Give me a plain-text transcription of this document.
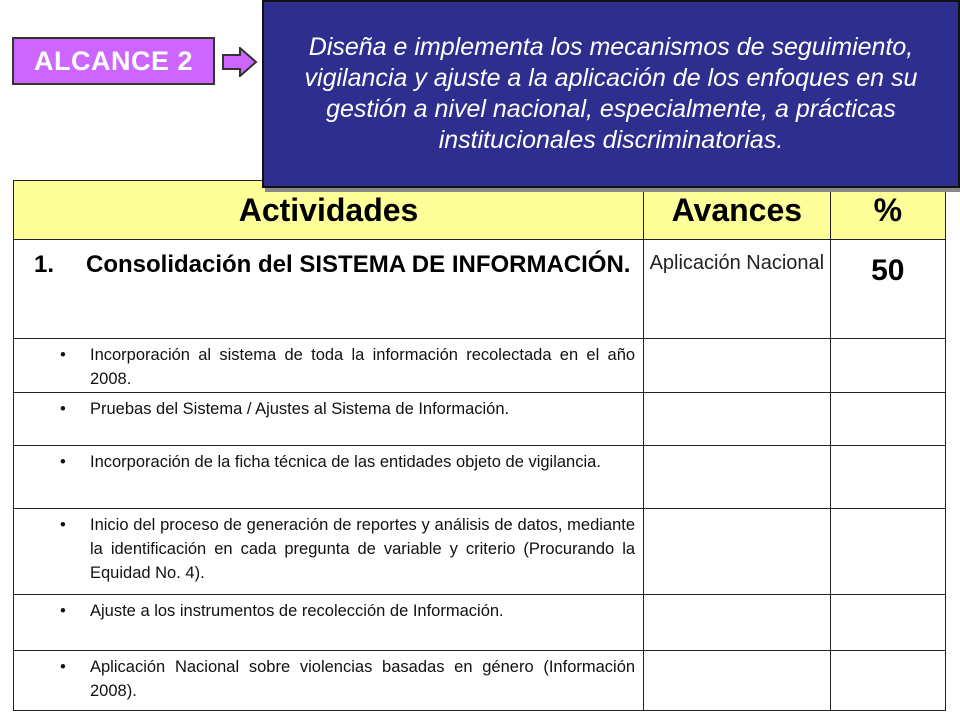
ALCANCE 2	Diseña e implementa los mecanismos de seguimiento, vigilancia y ajuste a la aplicación de los enfoques en su gestión a nivel nacional, especialmente, a prácticas institucionales discriminatorias.
Actividades	Avances	%

1. Consolidación del SISTEMA DE INFORMACIÓN.	Aplicación Nacional	50

• Incorporación al sistema de toda la información recolectada en el año 2008.		

• Pruebas del Sistema / Ajustes al Sistema de Información.		

• Incorporación de la ficha técnica de las entidades objeto de vigilancia.		

• Inicio del proceso de generación de reportes y análisis de datos, mediante la identificación en cada pregunta de variable y criterio (Procurando la Equidad No. 4).		

• Ajuste a los instrumentos de recolección de Información.		

• Aplicación Nacional sobre violencias basadas en género (Información 2008).		
